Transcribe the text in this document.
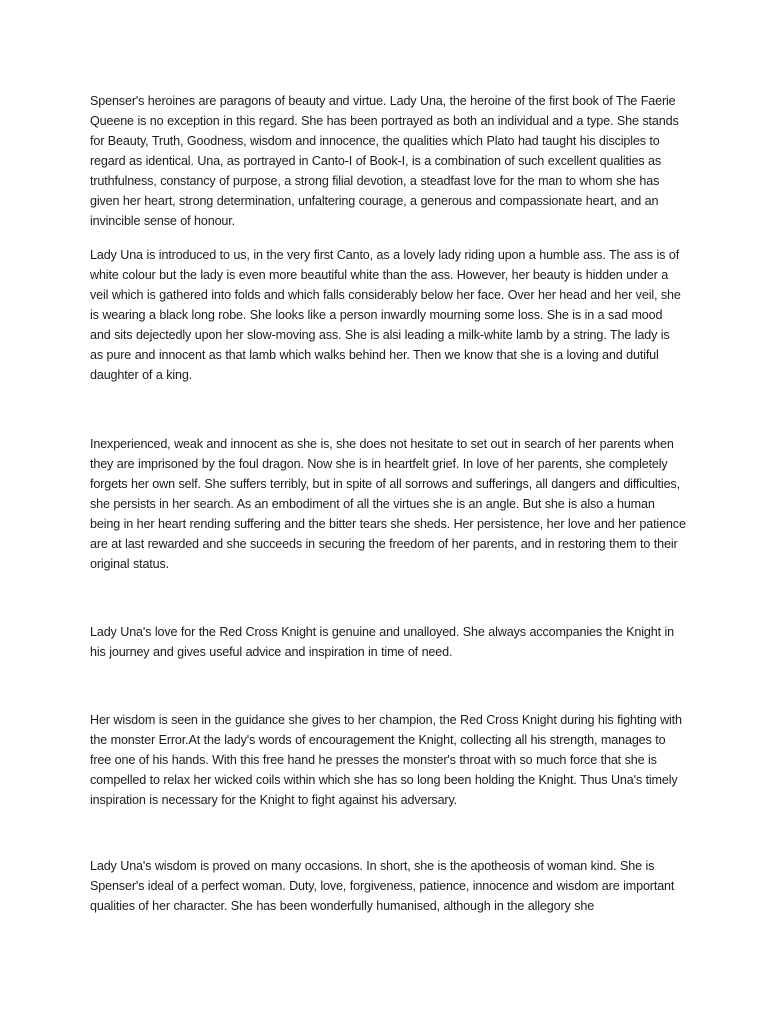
Spenser's heroines are paragons of beauty and virtue. Lady Una, the heroine of the first book of The Faerie Queene is no exception in this regard. She has been portrayed as both an individual and a type. She stands for Beauty, Truth, Goodness, wisdom and innocence, the qualities which Plato had taught his disciples to regard as identical. Una, as portrayed in Canto-I of Book-I, is a combination of such excellent qualities as truthfulness, constancy of purpose, a strong filial devotion, a steadfast love for the man to whom she has given her heart, strong determination, unfaltering courage, a generous and compassionate heart, and an invincible sense of honour.

Lady Una is introduced to us, in the very first Canto, as a lovely lady riding upon a humble ass. The ass is of white colour but the lady is even more beautiful white than the ass. However, her beauty is hidden under a veil which is gathered into folds and which falls considerably below her face. Over her head and her veil, she is wearing a black long robe. She looks like a person inwardly mourning some loss. She is in a sad mood and sits dejectedly upon her slow-moving ass. She is alsi leading a milk-white lamb by a string. The lady is as pure and innocent as that lamb which walks behind her. Then we know that she is a loving and dutiful daughter of a king.

Inexperienced, weak and innocent as she is, she does not hesitate to set out in search of her parents when they are imprisoned by the foul dragon. Now she is in heartfelt grief. In love of her parents, she completely forgets her own self. She suffers terribly, but in spite of all sorrows and sufferings, all dangers and difficulties, she persists in her search. As an embodiment of all the virtues she is an angle. But she is also a human being in her heart rending suffering and the bitter tears she sheds. Her persistence, her love and her patience are at last rewarded and she succeeds in securing the freedom of her parents, and in restoring them to their original status.

Lady Una's love for the Red Cross Knight is genuine and unalloyed. She always accompanies the Knight in his journey and gives useful advice and inspiration in time of need.

Her wisdom is seen in the guidance she gives to her champion, the Red Cross Knight during his fighting with the monster Error.At the lady's words of encouragement the Knight, collecting all his strength, manages to free one of his hands. With this free hand he presses the monster's throat with so much force that she is compelled to relax her wicked coils within which she has so long been holding the Knight. Thus Una's timely inspiration is necessary for the Knight to fight against his adversary.

Lady Una's wisdom is proved on many occasions. In short, she is the apotheosis of woman kind. She is Spenser's ideal of a perfect woman. Duty, love, forgiveness, patience, innocence and wisdom are important qualities of her character. She has been wonderfully humanised, although in the allegory she
